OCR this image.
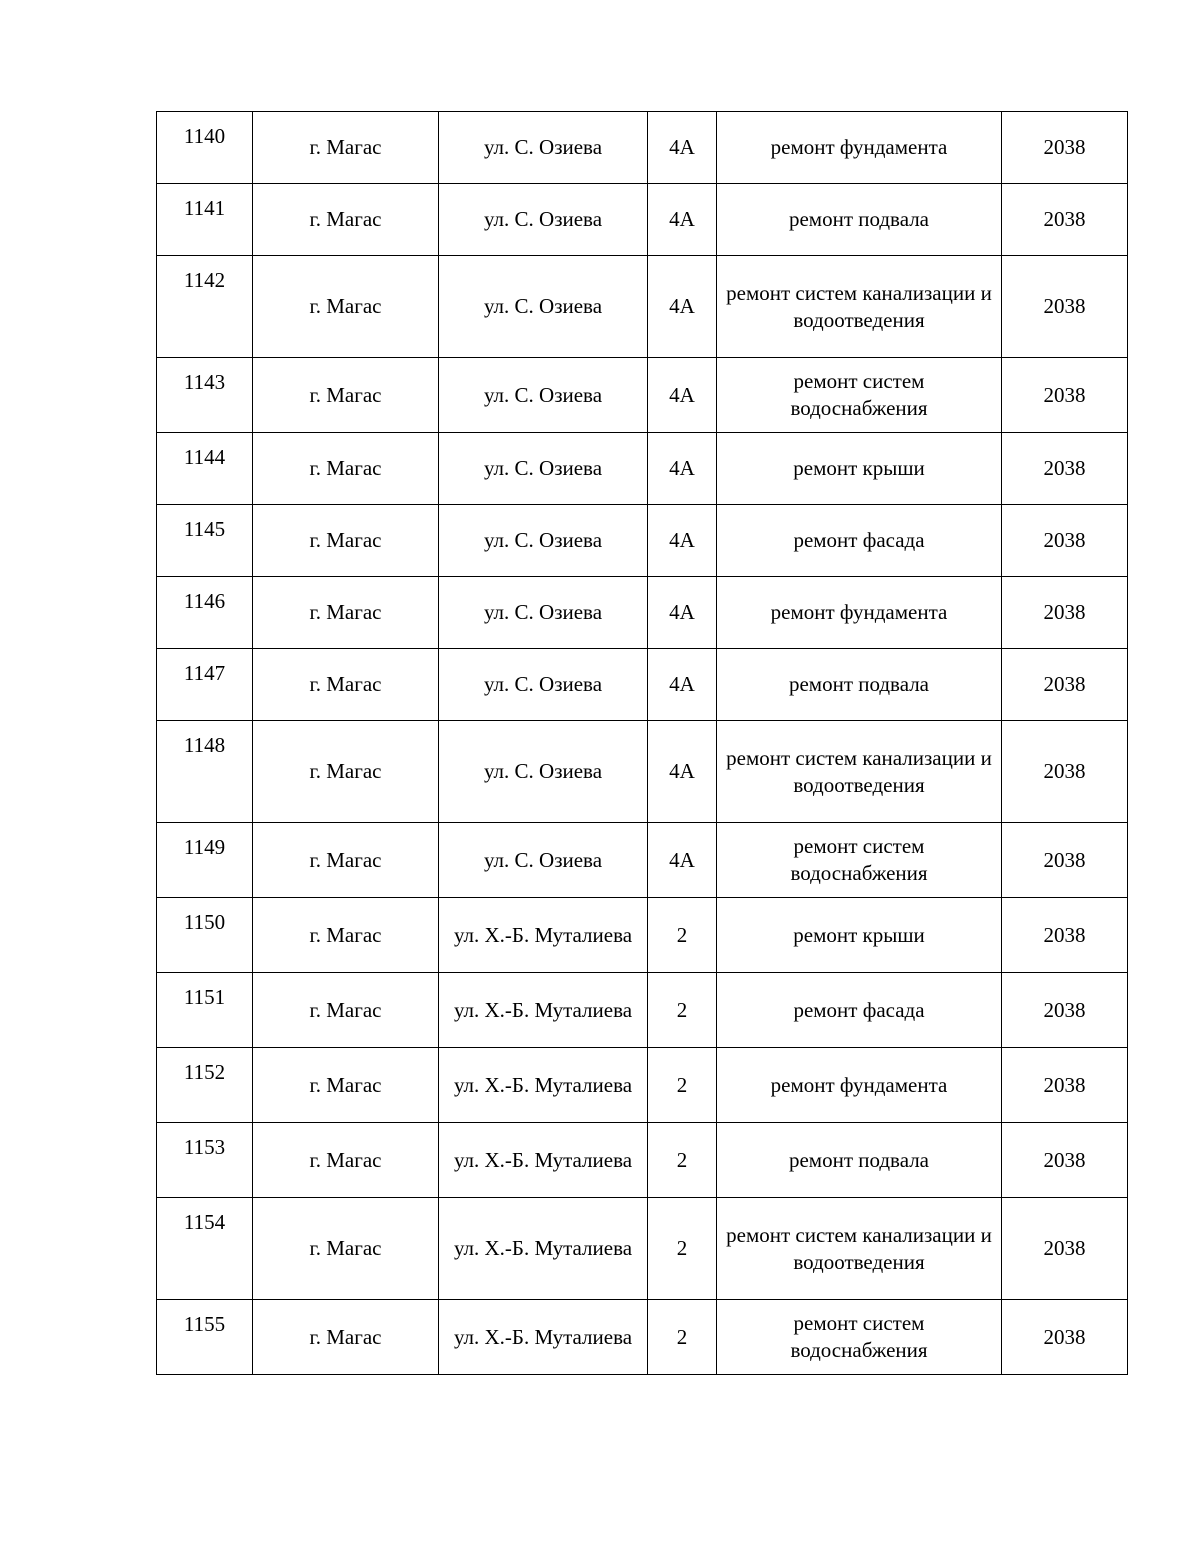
1140	г. Магас	ул. С. Озиева	4А	ремонт фундамента	2038
1141	г. Магас	ул. С. Озиева	4А	ремонт подвала	2038
1142	г. Магас	ул. С. Озиева	4А	ремонт систем канализации и водоотведения	2038
1143	г. Магас	ул. С. Озиева	4А	ремонт систем водоснабжения	2038
1144	г. Магас	ул. С. Озиева	4А	ремонт крыши	2038
1145	г. Магас	ул. С. Озиева	4А	ремонт фасада	2038
1146	г. Магас	ул. С. Озиева	4А	ремонт фундамента	2038
1147	г. Магас	ул. С. Озиева	4А	ремонт подвала	2038
1148	г. Магас	ул. С. Озиева	4А	ремонт систем канализации и водоотведения	2038
1149	г. Магас	ул. С. Озиева	4А	ремонт систем водоснабжения	2038
1150	г. Магас	ул. Х.-Б. Муталиева	2	ремонт крыши	2038
1151	г. Магас	ул. Х.-Б. Муталиева	2	ремонт фасада	2038
1152	г. Магас	ул. Х.-Б. Муталиева	2	ремонт фундамента	2038
1153	г. Магас	ул. Х.-Б. Муталиева	2	ремонт подвала	2038
1154	г. Магас	ул. Х.-Б. Муталиева	2	ремонт систем канализации и водоотведения	2038
1155	г. Магас	ул. Х.-Б. Муталиева	2	ремонт систем водоснабжения	2038
